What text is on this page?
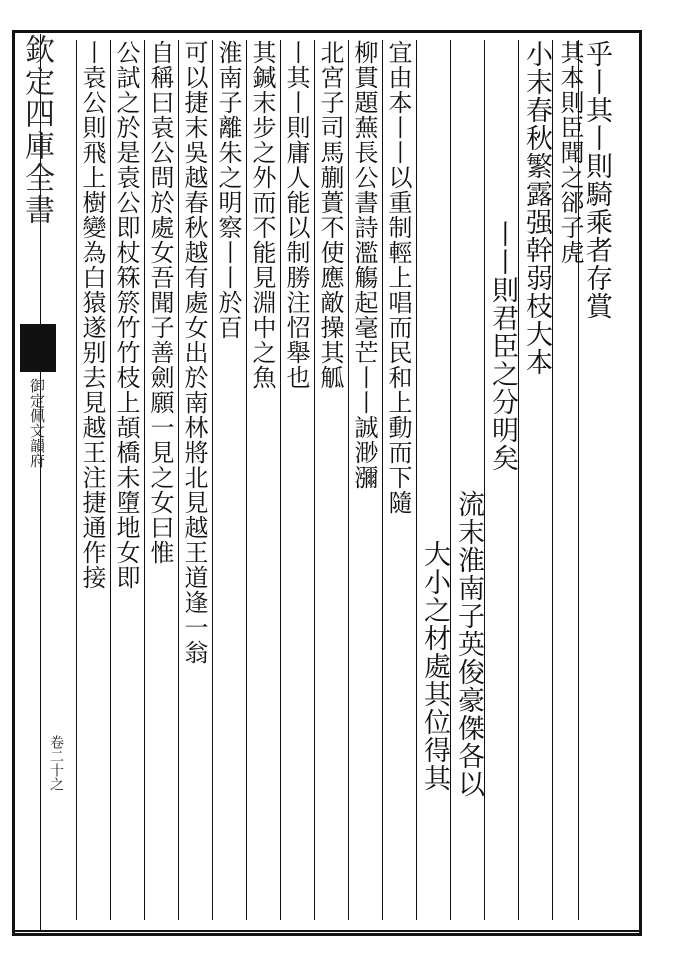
欽定四庫全書
御定佩文韻府
卷二十之
乎丨其丨則騎乘者存賞
其本則臣聞之郤子虎
小末春秋繁露强幹弱枝大本
丨丨則君臣之分明矣
流末淮南子英俊豪傑各以
大小之材處其位得其
宜由本丨丨以重制輕上唱而民和上動而下隨
柳貫題蕪長公書詩濫觴起毫芒丨丨誠渺瀰
北宮子司馬蒯蕢不使應敵操其觚
丨其丨則庸人能以制勝注怊舉也
其鍼末步之外而不能見淵中之魚
淮南子離朱之明察丨丨於百
可以捷末吳越春秋越有處女出於南林將北見越王道逢一翁
自稱曰袁公問於處女吾聞子善劍願一見之女曰惟
公試之於是袁公即杖箖箊竹竹枝上頡橋未墮地女即
丨袁公則飛上樹變為白猿遂别去見越王注捷通作接
